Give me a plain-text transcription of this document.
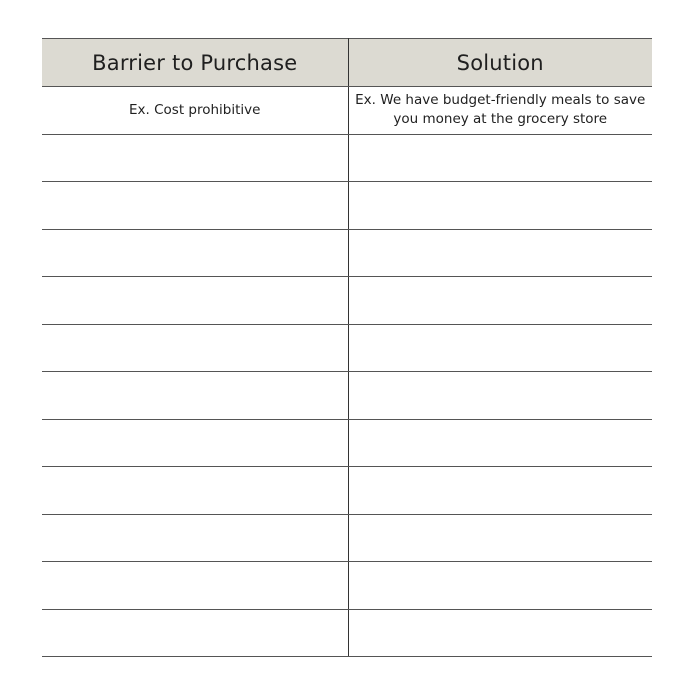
Barrier to Purchase	Solution
Ex. Cost prohibitive	Ex. We have budget-friendly meals to save you money at the grocery store
